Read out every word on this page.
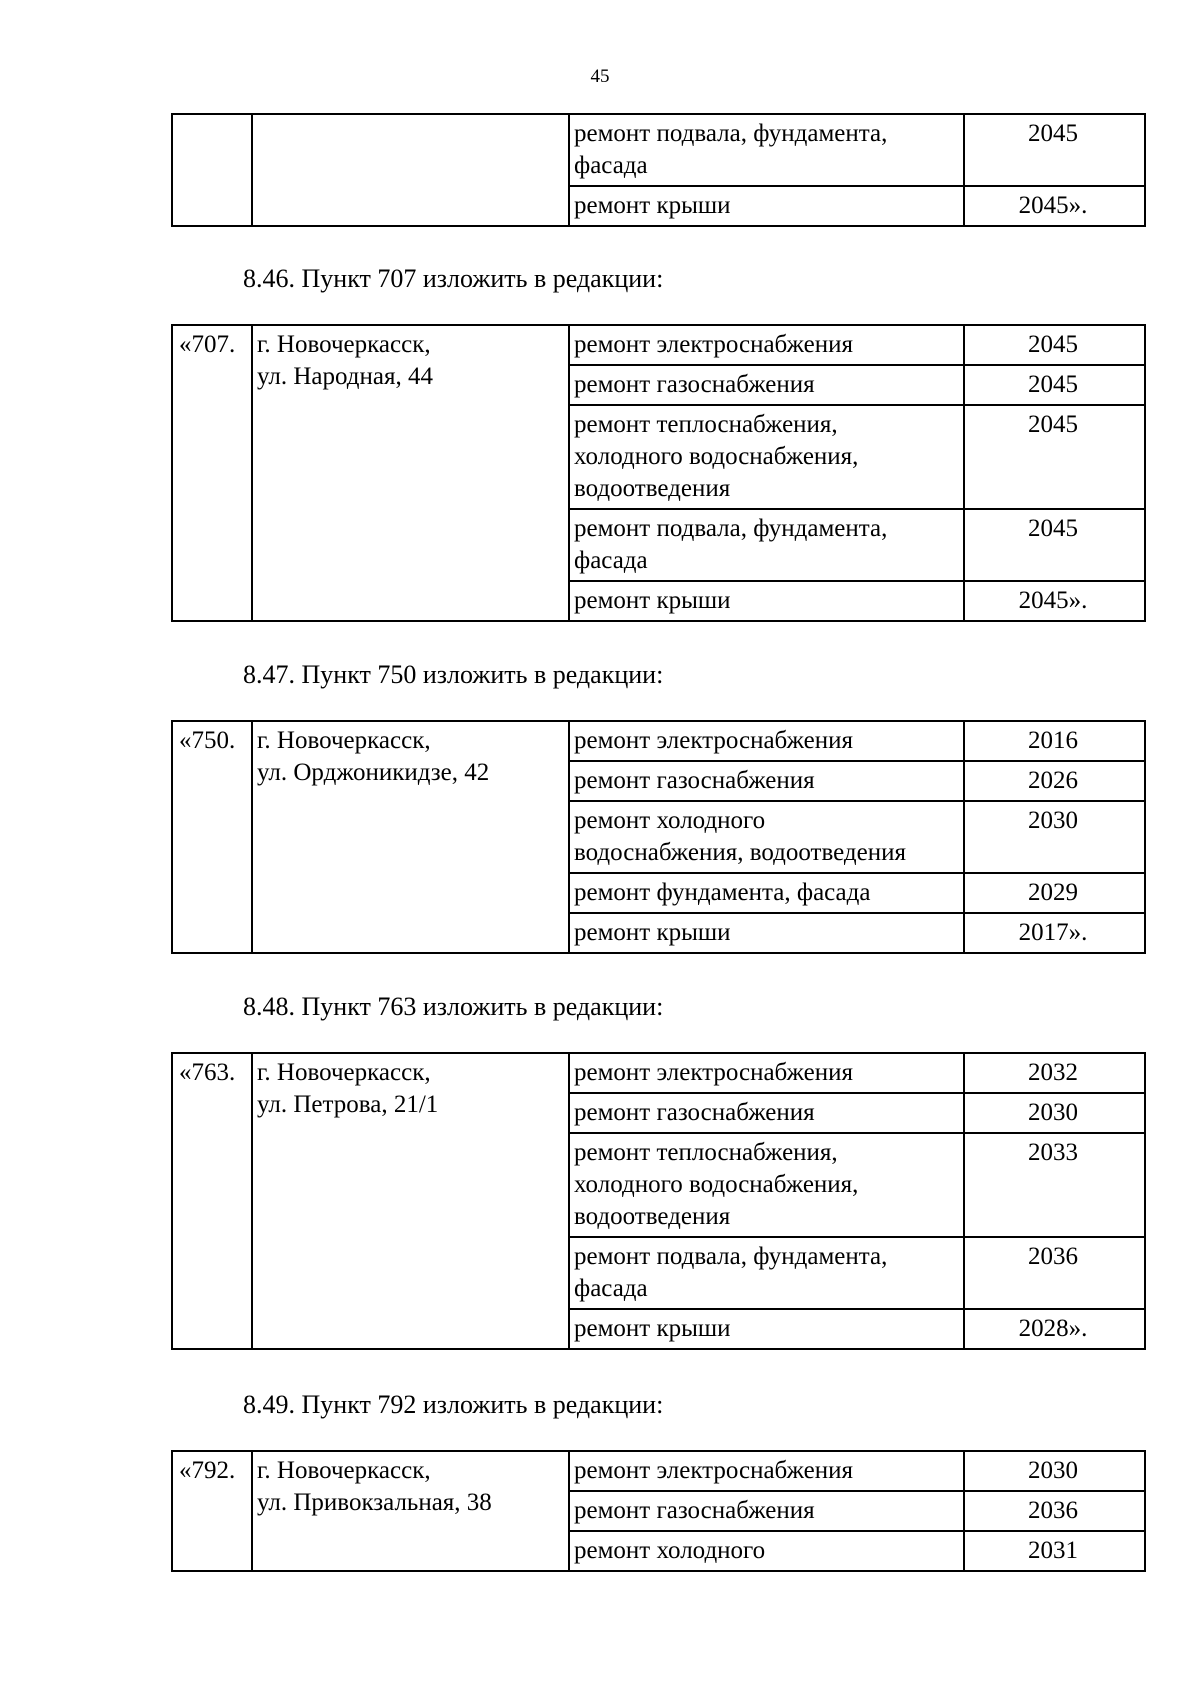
45
		ремонт подвала, фундамента,
фасада	2045
		ремонт крыши	2045».
8.46. Пункт 707 изложить в редакции:
«707.	г. Новочеркасск,
ул. Народная, 44	ремонт электроснабжения	2045
		ремонт газоснабжения	2045
		ремонт теплоснабжения,
холодного водоснабжения,
водоотведения	2045
		ремонт подвала, фундамента,
фасада	2045
		ремонт крыши	2045».
8.47. Пункт 750 изложить в редакции:
«750.	г. Новочеркасск,
ул. Орджоникидзе, 42	ремонт электроснабжения	2016
		ремонт газоснабжения	2026
		ремонт холодного
водоснабжения, водоотведения	2030
		ремонт фундамента, фасада	2029
		ремонт крыши	2017».
8.48. Пункт 763 изложить в редакции:
«763.	г. Новочеркасск,
ул. Петрова, 21/1	ремонт электроснабжения	2032
		ремонт газоснабжения	2030
		ремонт теплоснабжения,
холодного водоснабжения,
водоотведения	2033
		ремонт подвала, фундамента,
фасада	2036
		ремонт крыши	2028».
8.49. Пункт 792 изложить в редакции:
«792.	г. Новочеркасск,
ул. Привокзальная, 38	ремонт электроснабжения	2030
		ремонт газоснабжения	2036
		ремонт холодного	2031
